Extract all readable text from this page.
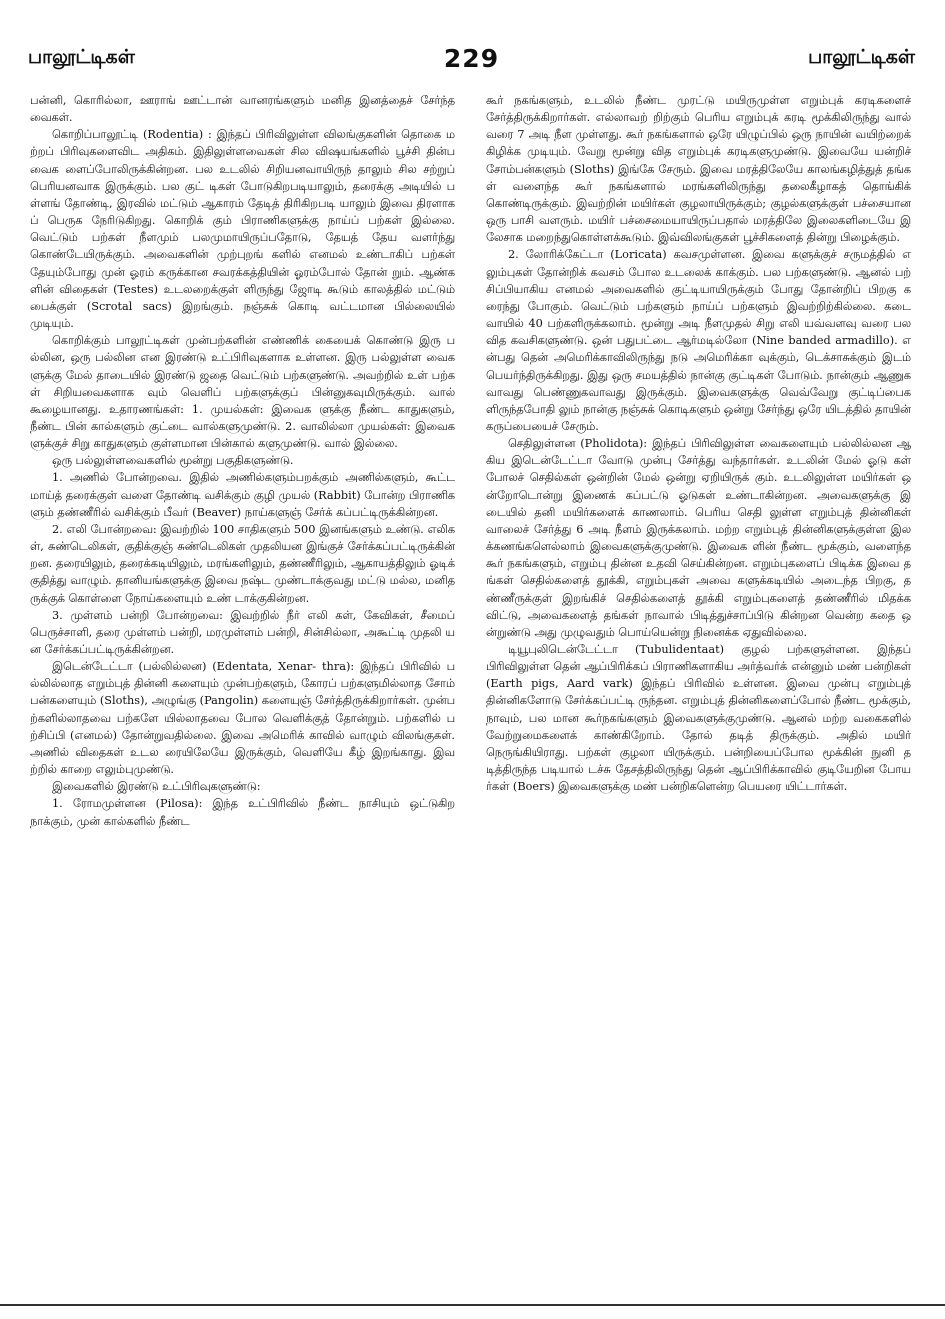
பாலூட்டிகள்	229	பாலூட்டிகள்

பன்னி, கொரில்லா, ஊராங் ஊட்டான் வானரங்களும் மனித இனத்தைச் சேர்ந்தவைகள்.

கொறிப்பாலூட்டி (Rodentia) : இந்தப் பிரிவிலுள்ள விலங்குகளின் தொகை மற்றப் பிரிவுகளைவிட அதிகம். இதிலுள்ளவைகள் சில விஷயங்களில் பூச்சி தின்பவைக ளைப்போலிருக்கின்றன. பல உடலில் சிறியனவாயிருந் தாலும் சில சற்றுப் பெரியனவாக இருக்கும். பல குட் டிகள் போடுகிறபடியாலும், தரைக்கு அடியில் பள்ளங் தோண்டி, இரவில் மட்டும் ஆகாரம் தேடித் திரிகிறபடி யாலும் இவை திரளாகப் பெருக நேரிடுகிறது. கொறிக் கும் பிராணிகளுக்கு நாய்ப் பற்கள் இல்லை. வெட்டும் பற்கள் நீளமும் பலமுமாயிருப்பதோடு, தேயத் தேய வளர்ந்து கொண்டேயிருக்கும். அவைகளின் முற்புறங் களில் எனமல் உண்டாகிப் பற்கள் தேயும்போது முன் ஓரம் கருக்கான சவரக்கத்தியின் ஓரம்போல் தோன் றும். ஆண்களின் விதைகள் (Testes) உடலறைக்குள் ளிருந்து ஜோடி கூடும் காலத்தில் மட்டும் பைக்குள் (Scrotal sacs) இறங்கும். நஞ்சுக் கொடி வட்டமான பில்லையில் முடியும்.

கொறிக்கும் பாலூட்டிகள் முன்பற்களின் எண்ணிக் கையைக் கொண்டு இரு பல்லின, ஒரு பல்லின என இரண்டு உட்பிரிவுகளாக உள்ளன. இரு பல்லுள்ள வைகளுக்கு மேல் தாடையில் இரண்டு ஜதை வெட்டும் பற்களுண்டு. அவற்றில் உள் பற்கள் சிறியவைகளாக வும் வெளிப் பற்களுக்குப் பின்னுகவுமிருக்கும். வால் கூழையானது. உதாரணங்கள்: 1. முயல்கள்: இவைக ளுக்கு நீண்ட காதுகளும், நீண்ட பின் கால்களும் குட்டை வால்களுமுண்டு. 2. வாலில்லா முயல்கள்: இவைகளுக்குச் சிறு காதுகளும் குள்ளமான பின்கால் களுமுண்டு. வால் இல்லை.

ஒரு பல்லுள்ளவைகளில் மூன்று பகுதிகளுண்டு.

1. அணில் போன்றவை. இதில் அணில்களும்பறக்கும் அணில்களும், கூட்டமாய்த் தரைக்குள் வளை தோண்டி வசிக்கும் குழி முயல் (Rabbit) போன்ற பிராணிகளும் தண்ணீரில் வசிக்கும் பீவர் (Beaver) நாய்களுஞ் சேர்க் கப்பட்டிருக்கின்றன.

2. எலி போன்றவை: இவற்றில் 100 சாதிகளும் 500 இனங்களும் உண்டு. எலிகள், சுண்டெலிகள், குதிக்குஞ் சுண்டெலிகள் முதலியன இங்குச் சேர்க்கப்பட்டிருக்கின் றன. தரையிலும், தரைக்கடியிலும், மரங்களிலும், தண்ணீரிலும், ஆகாயத்திலும் ஓடிக் குதித்து வாழும். தானியங்களுக்கு இவை நஷ்ட முண்டாக்குவது மட்டு மல்ல, மனிதருக்குக் கொள்ளை நோய்களையும் உண் டாக்குகின்றன.

3. முள்ளம் பன்றி போன்றவை: இவற்றில் நீர் எலி கள், கேவிகள், சீமைப் பெருச்சாளி, தரை முள்ளம் பன்றி, மரமுள்ளம் பன்றி, சின்சில்லா, அகூட்டி முதலி யன சேர்க்கப்பட்டிருக்கின்றன.

இடென்டேட்டா (பல்லில்லன) (Edentata, Xenar- thra): இந்தப் பிரிவில் பல்லில்லாத எறும்புத் தின்னி களையும் முன்பற்களும், கோரப் பற்களுமில்லாத சோம் பன்களையும் (Sloths), அழுங்கு (Pangolin) களையுஞ் சேர்த்திருக்கிறார்கள். முன்பற்களில்லாதவை பற்களே யில்லாதவை போல வெளிக்குத் தோன்றும். பற்களில் பற்சிப்பி (எனமல்) தோன்றுவதில்லை. இவை அமெரிக் காவில் வாழும் விலங்குகள். அணில் விதைகள் உடல ரையிலேயே இருக்கும், வெளியே கீழ் இறங்காது. இவற்றில் காறை எலும்புமுண்டு.

இவைகளில் இரண்டு உட்பிரிவுகளுண்டு:

1. ரோமமுள்ளன (Pilosa): இந்த உட்பிரிவில் நீண்ட நாசியும் ஒட்டுகிற நாக்கும், முன் கால்களில் நீண்ட

கூர் நகங்களும், உடலில் நீண்ட முரட்டு மயிருமுள்ள எறும்புக் கரடிகளைச் சேர்த்திருக்கிறார்கள். எல்லாவற் றிற்கும் பெரிய எறும்புக் கரடி மூக்கிலிருந்து வால் வரை 7 அடி நீள முள்ளது. கூர் நகங்களால் ஒரே யிழுப்பில் ஒரு நாயின் வயிற்றைக் கிழிக்க முடியும். வேறு மூன்று வித எறும்புக் கரடிகளுமுண்டு. இவையே யன்றிச் சோம்பன்களும் (Sloths) இங்கே சேரும். இவை மரத்திலேயே காலங்கழித்துத் தங்கள் வளைந்த கூர் நகங்களால் மரங்களிலிருந்து தலைகீழாகத் தொங்கிக் கொண்டிருக்கும். இவற்றின் மயிர்கள் குழலாயிருக்கும்; குழல்களுக்குள் பச்சையான ஒரு பாசி வளரும். மயிர் பச்சைமையாயிருப்பதால் மரத்திலே இலைகளிடையே இலேசாக மறைந்துகொள்ளக்கூடும். இவ்விலங்குகள் பூச்சிகளைத் தின்று பிழைக்கும்.

2. லோரிக்கேட்டா (Loricata) கவசமுள்ளன. இவை களுக்குச் சருமத்தில் எலும்புகள் தோன்றிக் கவசம் போல உடலைக் காக்கும். பல பற்களுண்டு. ஆனல் பற் சிப்பியாகிய எனமல் அவைகளில் குட்டியாயிருக்கும் போது தோன்றிப் பிறகு கரைந்து போகும். வெட்டும் பற்களும் நாய்ப் பற்களும் இவற்றிற்கில்லை. கடை வாயில் 40 பற்களிருக்கலாம். மூன்று அடி நீளமுதல் சிறு எலி யவ்வளவு வரை பலவித கவசிகளுண்டு. ஒன் பதுபட்டை ஆர்மடில்லோ (Nine banded armadillo). என்பது தென் அமெரிக்காவிலிருந்து நடு அமெரிக்கா வுக்கும், டெக்சாசுக்கும் இடம் பெயர்ந்திருக்கிறது. இது ஒரு சமயத்தில் நான்கு குட்டிகள் போடும். நான்கும் ஆணுகவாவது பெண்ணுகவாவது இருக்கும். இவைகளுக்கு வெவ்வேறு குட்டிப்பைகளிருந்தபோதி லும் நான்கு நஞ்சுக் கொடிகளும் ஒன்று சேர்ந்து ஒரே யிடத்தில் தாயின் கருப்பையைச் சேரும்.

செதிலுள்ளன (Pholidota): இந்தப் பிரிவிலுள்ள வைகளையும் பல்லில்லன ஆகிய இடென்டேட்டா வோடு முன்பு சேர்த்து வந்தார்கள். உடலின் மேல் ஓடு கள் போலச் செதில்கள் ஒன்றின் மேல் ஒன்று ஏறியிருக் கும். உடலிலுள்ள மயிர்கள் ஒன்றோடொன்று இணைக் கப்பட்டு ஓடுகள் உண்டாகின்றன. அவைகளுக்கு இடையில் தனி மயிர்களைக் காணலாம். பெரிய செதி லுள்ள எறும்புத் தின்னிகள் வாலைச் சேர்த்து 6 அடி நீளம் இருக்கலாம். மற்ற எறும்புத் தின்னிகளுக்குள்ள இலக்கணங்களெல்லாம் இவைகளுக்குமுண்டு. இவைக ளின் நீண்ட மூக்கும், வளைந்த கூர் நகங்களும், எறும்பு தின்ன உதவி செய்கின்றன. எறும்புகளைப் பிடிக்க இவை தங்கள் செதில்களைத் தூக்கி, எறும்புகள் அவை களுக்கடியில் அடைந்த பிறகு, தண்ணீருக்குள் இறங்கிச் செதில்களைத் தூக்கி எறும்புகளைத் தண்ணீரில் மிதக்க விட்டு, அவைகளைத் தங்கள் நாவால் பிடித்துச்சாப்பிடு கின்றன வென்ற கதை ஒன்றுண்டு அது முழுவதும் பொய்யென்று நினைக்க ஏதுவில்லை.

டியூபுலிடென்டேட்டா (Tubulidentaat) குழல் பற்களுள்ளன. இந்தப் பிரிவிலுள்ள தென் ஆப்பிரிக்கப் பிராணிகளாகிய அர்த்வர்க் என்னும் மண் பன்றிகள் (Earth pigs, Aard vark) இந்தப் பிரிவில் உள்ளன. இவை முன்பு எறும்புத் தின்னிகளோடு சேர்க்கப்பட்டி ருந்தன. எறும்புத் தின்னிகளைப்போல் நீண்ட மூக்கும், நாவும், பல மான கூர்நகங்களும் இவைகளுக்குமுண்டு. ஆனல் மற்ற வகைகளில் வேற்றுமைகளைக் காண்கிறோம். தோல் தடித் திருக்கும். அதில் மயிர் நெருங்கியிராது. பற்கள் குழலா யிருக்கும். பன்றியைப்போல மூக்கின் நுனி தடித்திருந்த படியால் டச்சு தேசத்திலிருந்து தென் ஆப்பிரிக்காவில் குடியேறின போயர்கள் (Boers) இவைகளுக்கு மண் பன்றிகளென்ற பெயரை யிட்டார்கள்.
